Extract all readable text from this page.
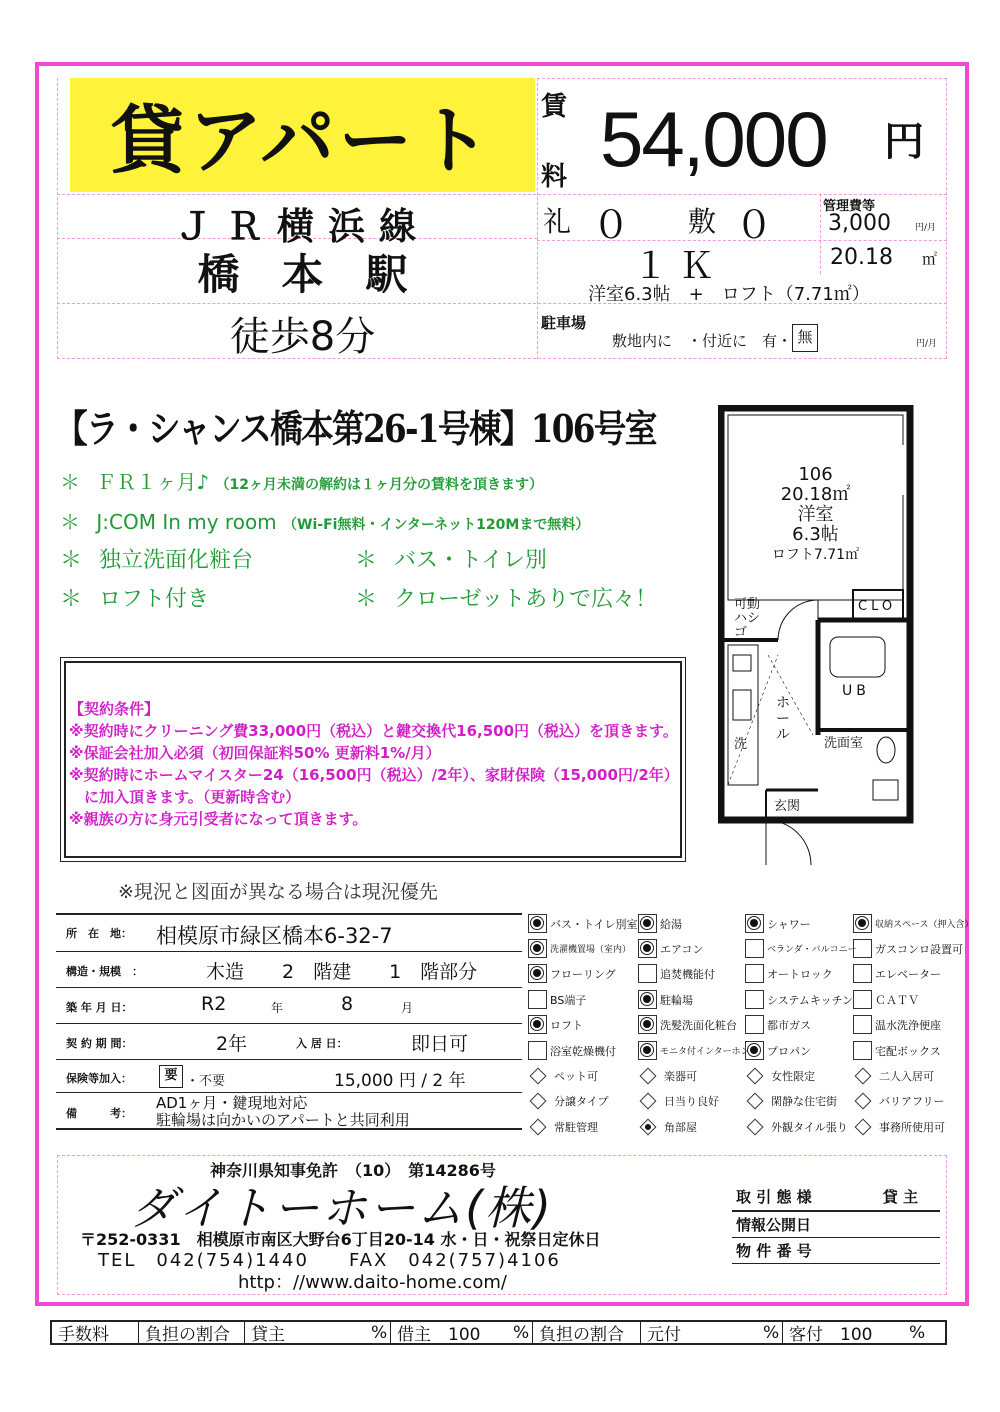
貸アパート	賃
料 54,000 円
ＪＲ横浜線
橋　本　駅
徒歩8分
礼 ０ 敷 ０	管理費等
3,000	円/月
１Ｋ	20.18 ㎡
洋室6.3帖　+　ロフト（7.71㎡）
駐車場
敷地内に　・付近に　有・ 無	円/月
【ラ・シャンス橋本第26-1号棟】106号室
＊ ＦＲ１ヶ月♪ （12ヶ月未満の解約は１ヶ月分の賃料を頂きます）
＊ J:COM In my room （Wi-Fi無料・インターネット120Mまで無料）
＊ 独立洗面化粧台	＊ バス・トイレ別
＊ ロフト付き	＊ クローゼットありで広々！
【契約条件】
※契約時にクリーニング費33,000円（税込）と鍵交換代16,500円（税込）を頂きます。
※保証会社加入必須（初回保証料50% 更新料1%/月）
※契約時にホームマイスター24（16,500円（税込）/2年）、家財保険（15,000円/2年）
　に加入頂きます。（更新時含む）
※親族の方に身元引受者になって頂きます。
106
20.18㎡
洋室
6.3帖
ロフト7.71㎡
可動ハシゴ
CLO
ホール
UB
洗	洗面室
玄関
※現況と図面が異なる場合は現況優先
所　在　地： 相模原市緑区橋本6-32-7
構造・規模　：	木造　　2　階建　　1　階部分
築 年 月 日：	R2	年	8	月
契 約 期 間：	2年	入 居 日：	即日可
保険等加入：	要 ・不要	15,000 円 / 2 年
備　　　考：
AD1ヶ月・鍵現地対応
駐輪場は向かいのアパートと共同利用
バス・トイレ別室 給湯	シャワー	収納スペース（押入含）
洗濯機置場（室内）	エアコン	ベランダ・バルコニー ガスコンロ設置可
フローリング	追焚機能付	オートロック	エレベーター
BS端子	駐輪場	システムキッチン ＣＡＴＶ
ロフト	洗髪洗面化粧台	都市ガス	温水洗浄便座
浴室乾燥機付	モニタ付インターホン プロパン	宅配ボックス
ペット可	楽器可	女性限定	二人入居可
分譲タイプ	日当り良好	閑静な住宅街	バリアフリー
常駐管理	角部屋	外観タイル張り	事務所使用可
神奈川県知事免許　（10）　第14286号
ダイトーホーム(株)
〒252-0331　相模原市南区大野台6丁目20-14 水・日・祝祭日定休日
TEL　042(754)1440　　FAX　042(757)4106
http：//www.daito-home.com/
取 引 態 様	貸 主
情報公開日
物 件 番 号
手数料	負担の割合	貸主	% 借主　100	% 負担の割合	元付	% 客付　100	%
